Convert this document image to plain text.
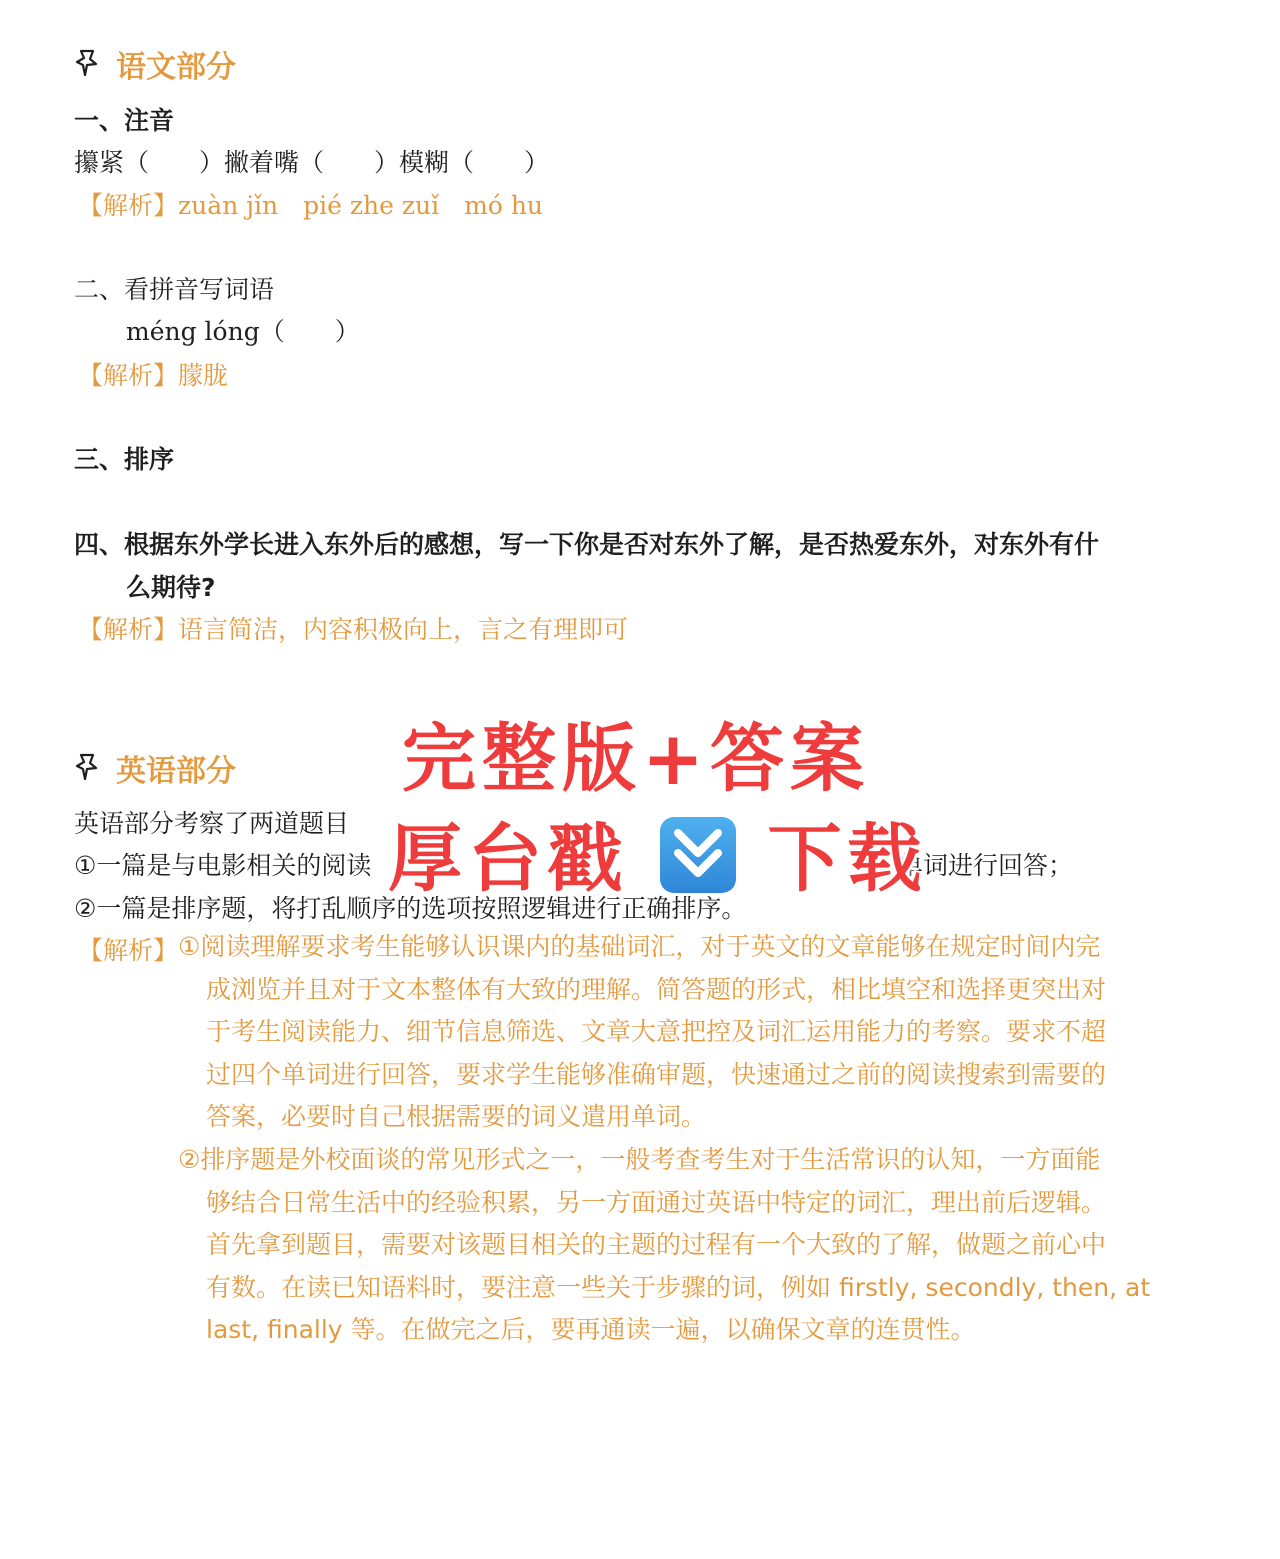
语文部分
一、注音
攥紧（　　）撇着嘴（　　）模糊（　　）
【解析】zuàn jǐn　pié zhe zuǐ　mó hu
二、看拼音写词语
méng lóng（　　）
【解析】朦胧
三、排序
四、根据东外学长进入东外后的感想，写一下你是否对东外了解，是否热爱东外，对东外有什
么期待?
【解析】语言简洁，内容积极向上，言之有理即可
英语部分
英语部分考察了两道题目
①一篇是与电影相关的阅读	单词进行回答；
②一篇是排序题，将打乱顺序的选项按照逻辑进行正确排序。
【解析】 ①阅读理解要求考生能够认识课内的基础词汇，对于英文的文章能够在规定时间内完
成浏览并且对于文本整体有大致的理解。简答题的形式，相比填空和选择更突出对
于考生阅读能力、细节信息筛选、文章大意把控及词汇运用能力的考察。要求不超
过四个单词进行回答，要求学生能够准确审题，快速通过之前的阅读搜索到需要的
答案，必要时自己根据需要的词义遣用单词。
②排序题是外校面谈的常见形式之一，一般考查考生对于生活常识的认知，一方面能
够结合日常生活中的经验积累，另一方面通过英语中特定的词汇，理出前后逻辑。
首先拿到题目，需要对该题目相关的主题的过程有一个大致的了解，做题之前心中
有数。在读已知语料时，要注意一些关于步骤的词，例如 firstly, secondly, then, at
last, finally 等。在做完之后，要再通读一遍，以确保文章的连贯性。
完整版+答案
厚台戳 下载
